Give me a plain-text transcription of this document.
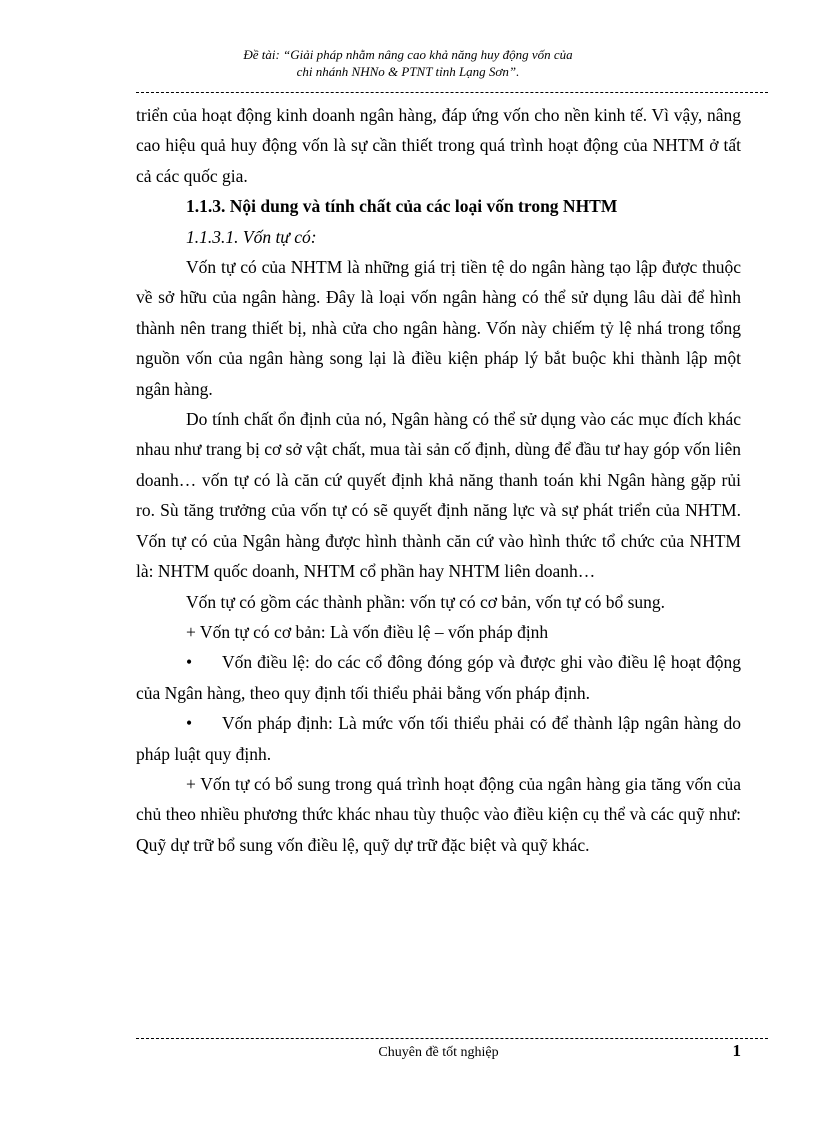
Đề tài: “Giải pháp nhằm nâng cao khả năng huy động vốn của
chi nhánh NHNo & PTNT tỉnh Lạng Sơn”.

triển của hoạt động kinh doanh ngân hàng, đáp ứng vốn cho nền kinh tế. Vì vậy, nâng cao hiệu quả huy động vốn là sự cần thiết trong quá trình hoạt động của NHTM ở tất cả các quốc gia.

1.1.3. Nội dung và tính chất của các loại vốn trong NHTM

1.1.3.1. Vốn tự có:

Vốn tự có của NHTM là những giá trị tiền tệ do ngân hàng tạo lập được thuộc về sở hữu của ngân hàng. Đây là loại vốn ngân hàng có thể sử dụng lâu dài để hình thành nên trang thiết bị, nhà cửa cho ngân hàng. Vốn này chiếm tỷ lệ nhá trong tổng nguồn vốn của ngân hàng song lại là điều kiện pháp lý bắt buộc khi thành lập một ngân hàng.

Do tính chất ổn định của nó, Ngân hàng có thể sử dụng vào các mục đích khác nhau như trang bị cơ sở vật chất, mua tài sản cố định, dùng để đầu tư hay góp vốn liên doanh… vốn tự có là căn cứ quyết định khả năng thanh toán khi Ngân hàng gặp rủi ro. Sù tăng trưởng của vốn tự có sẽ quyết định năng lực và sự phát triển của NHTM. Vốn tự có của Ngân hàng được hình thành căn cứ vào hình thức tổ chức của NHTM là: NHTM quốc doanh, NHTM cổ phần hay NHTM liên doanh…

Vốn tự có gồm các thành phần: vốn tự có cơ bản, vốn tự có bổ sung.

+ Vốn tự có cơ bản: Là vốn điều lệ – vốn pháp định

• Vốn điều lệ: do các cổ đông đóng góp và được ghi vào điều lệ hoạt động của Ngân hàng, theo quy định tối thiểu phải bằng vốn pháp định.

• Vốn pháp định: Là mức vốn tối thiểu phải có để thành lập ngân hàng do pháp luật quy định.

+ Vốn tự có bổ sung trong quá trình hoạt động của ngân hàng gia tăng vốn của chủ theo nhiều phương thức khác nhau tùy thuộc vào điều kiện cụ thể và các quỹ như: Quỹ dự trữ bổ sung vốn điều lệ, quỹ dự trữ đặc biệt và quỹ khác.

Chuyên đề tốt nghiệp	1
